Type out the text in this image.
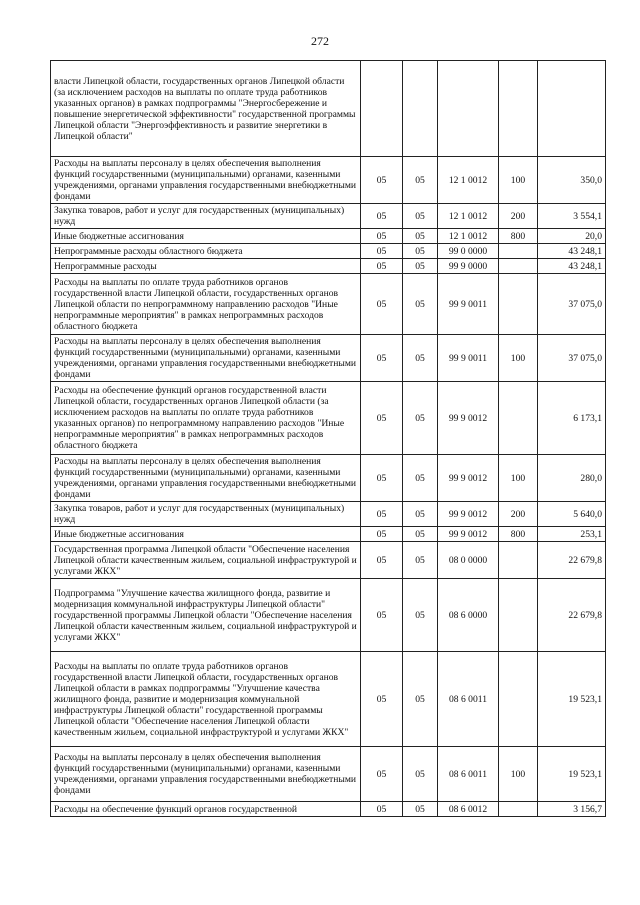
272
власти Липецкой области, государственных органов Липецкой области (за исключением расходов на выплаты по оплате труда работников указанных органов) в рамках подпрограммы "Энергосбережение и повышение энергетической эффективности" государственной программы Липецкой области "Энергоэффективность и развитие энергетики в Липецкой области"					
Расходы на выплаты персоналу в целях обеспечения выполнения функций государственными (муниципальными) органами, казенными учреждениями, органами управления государственными внебюджетными фондами	05	05	12 1 0012	100	350,0
Закупка товаров, работ и услуг для государственных (муниципальных) нужд	05	05	12 1 0012	200	3 554,1
Иные бюджетные ассигнования	05	05	12 1 0012	800	20,0
Непрограммные расходы областного бюджета	05	05	99 0 0000		43 248,1
Непрограммные расходы	05	05	99 9 0000		43 248,1
Расходы на выплаты по оплате труда работников органов государственной власти Липецкой области, государственных органов Липецкой области по непрограммному направлению расходов "Иные непрограммные мероприятия" в рамках непрограммных расходов областного бюджета	05	05	99 9 0011		37 075,0
Расходы на выплаты персоналу в целях обеспечения выполнения функций государственными (муниципальными) органами, казенными учреждениями, органами управления государственными внебюджетными фондами	05	05	99 9 0011	100	37 075,0
Расходы на обеспечение функций органов государственной власти Липецкой области, государственных органов Липецкой области (за исключением расходов на выплаты по оплате труда работников указанных органов) по непрограммному направлению расходов "Иные непрограммные мероприятия" в рамках непрограммных расходов областного бюджета	05	05	99 9 0012		6 173,1
Расходы на выплаты персоналу в целях обеспечения выполнения функций государственными (муниципальными) органами, казенными учреждениями, органами управления государственными внебюджетными фондами	05	05	99 9 0012	100	280,0
Закупка товаров, работ и услуг для государственных (муниципальных) нужд	05	05	99 9 0012	200	5 640,0
Иные бюджетные ассигнования	05	05	99 9 0012	800	253,1
Государственная программа Липецкой области "Обеспечение населения Липецкой области качественным жильем, социальной инфраструктурой и услугами ЖКХ"	05	05	08 0 0000		22 679,8
Подпрограмма "Улучшение качества жилищного фонда, развитие и модернизация коммунальной инфраструктуры Липецкой области" государственной программы Липецкой области "Обеспечение населения Липецкой области качественным жильем, социальной инфраструктурой и услугами ЖКХ"	05	05	08 6 0000		22 679,8
Расходы на выплаты по оплате труда работников органов государственной власти Липецкой области, государственных органов Липецкой области в рамках подпрограммы "Улучшение качества жилищного фонда, развитие и модернизация коммунальной инфраструктуры Липецкой области" государственной программы Липецкой области "Обеспечение населения Липецкой области качественным жильем, социальной инфраструктурой и услугами ЖКХ"	05	05	08 6 0011		19 523,1
Расходы на выплаты персоналу в целях обеспечения выполнения функций государственными (муниципальными) органами, казенными учреждениями, органами управления государственными внебюджетными фондами	05	05	08 6 0011	100	19 523,1
Расходы на обеспечение функций органов государственной	05	05	08 6 0012		3 156,7
